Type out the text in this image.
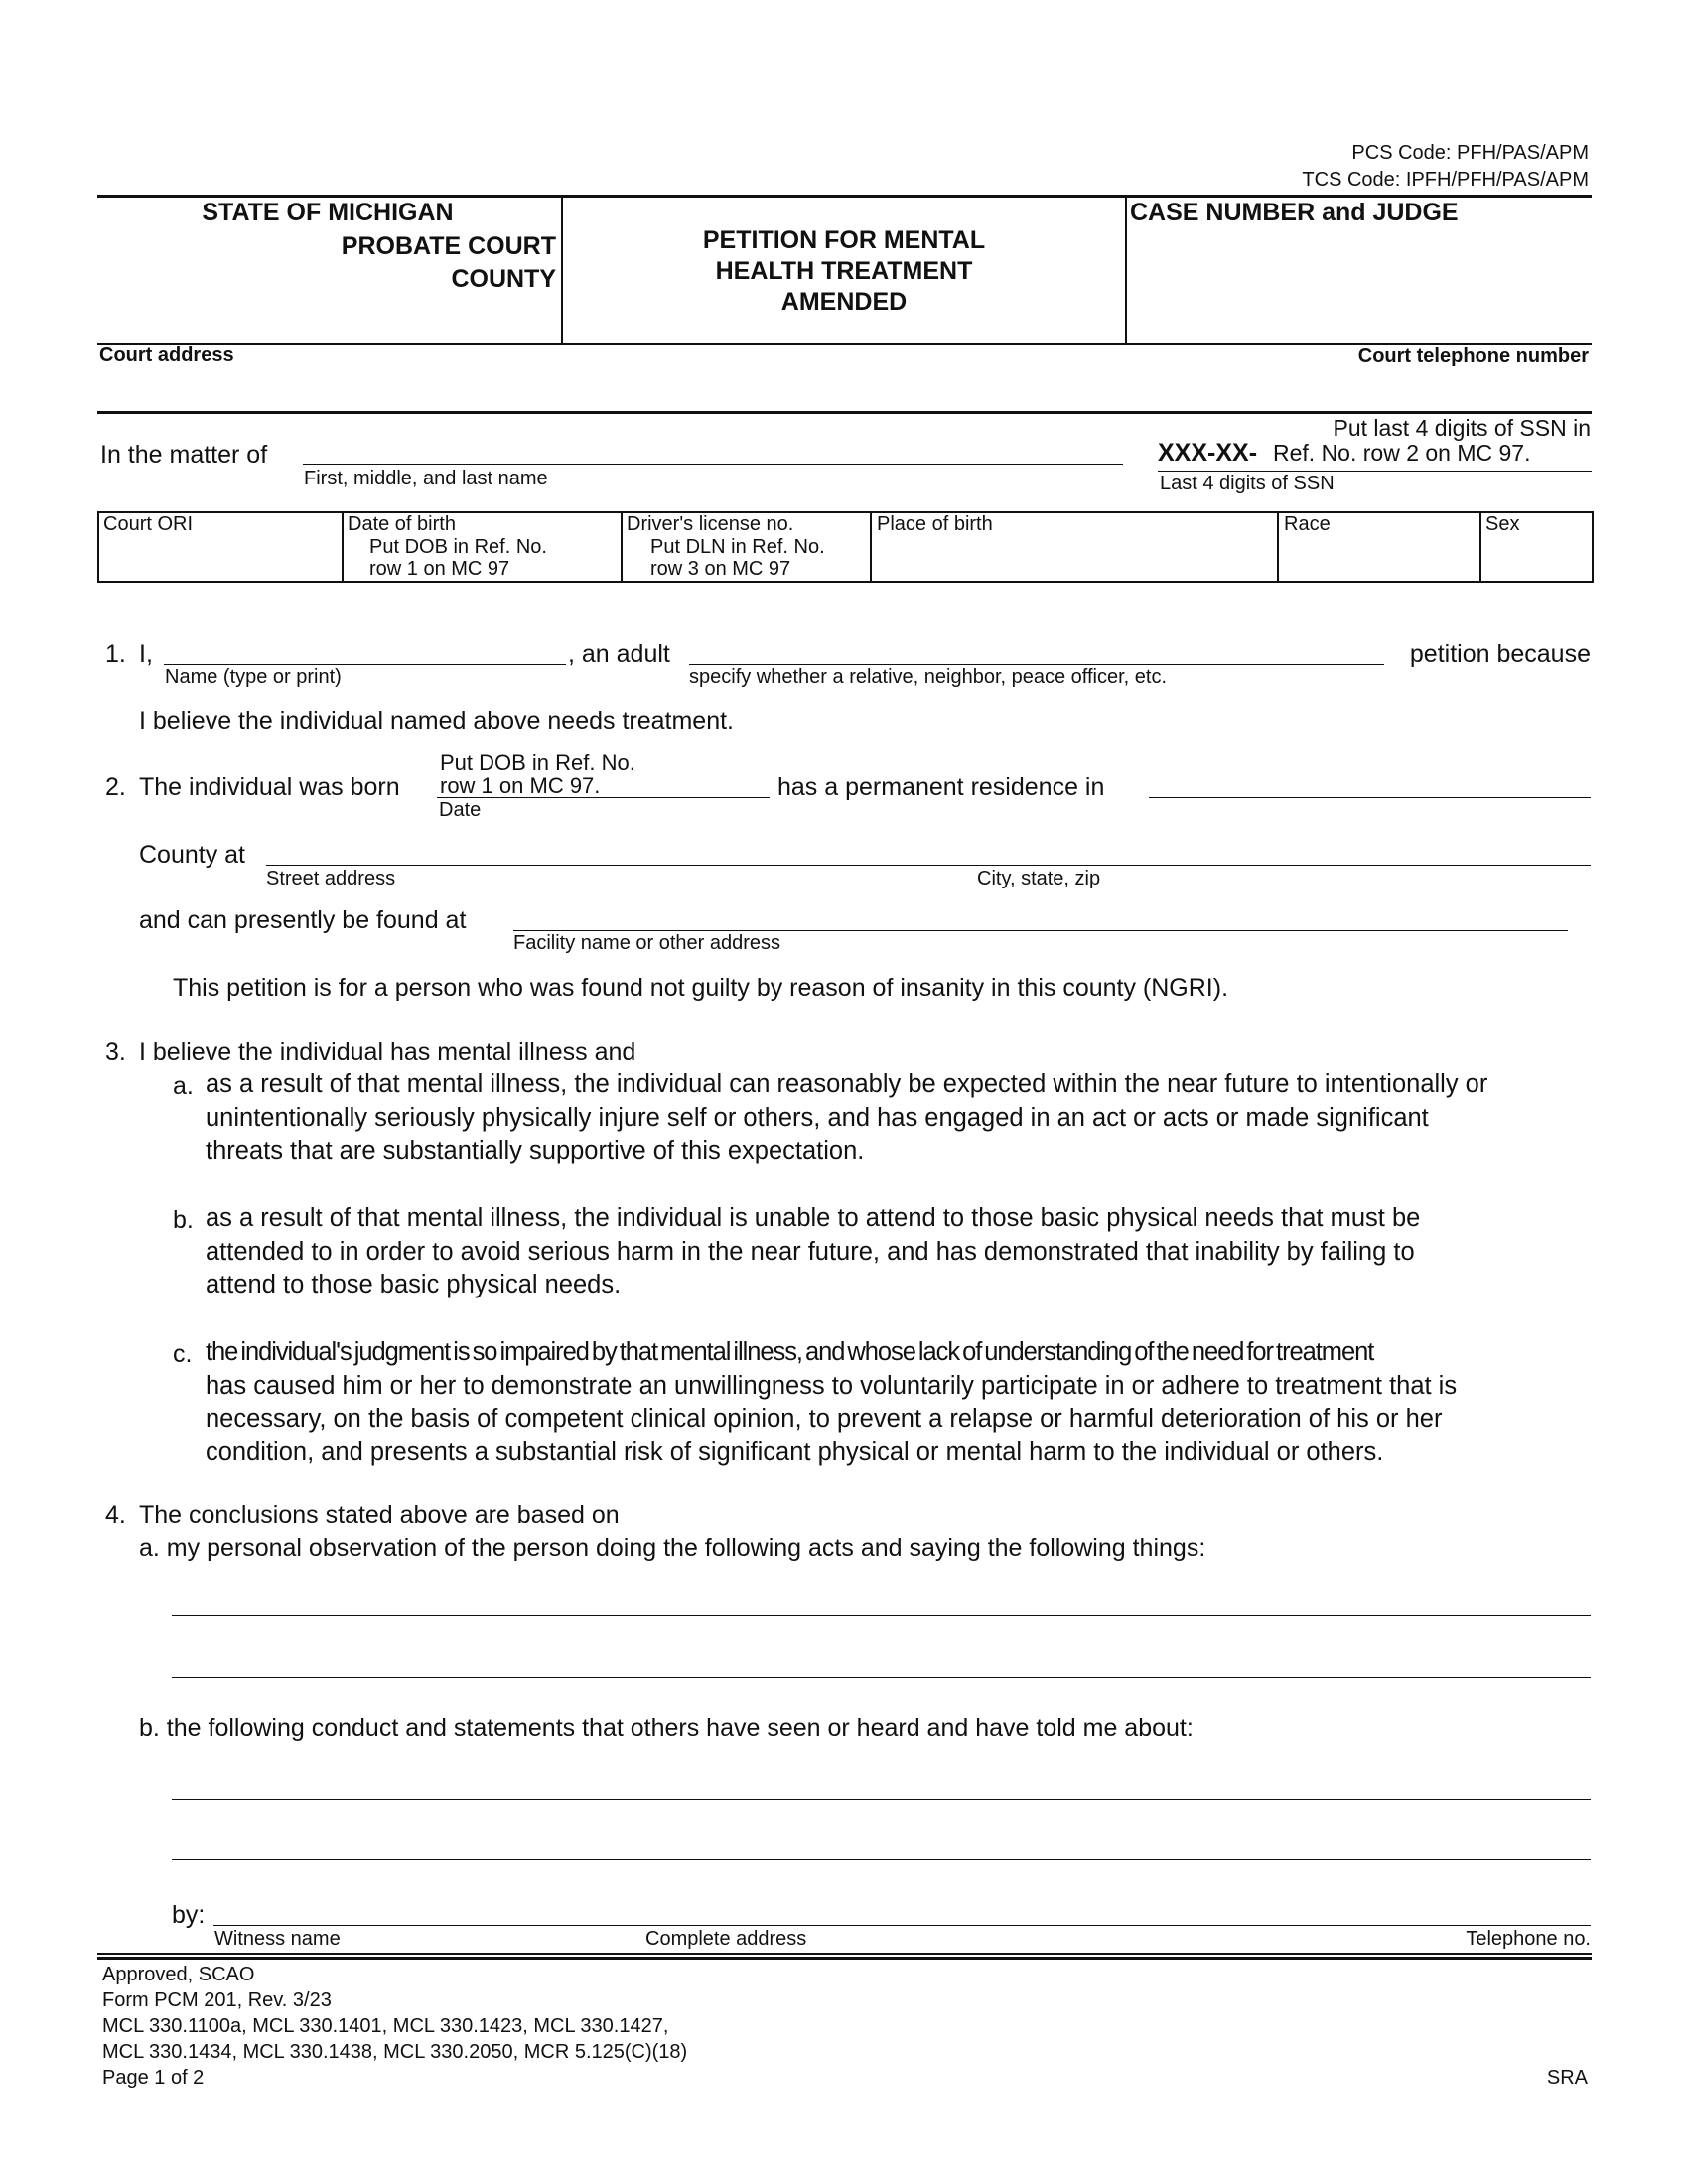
PCS Code: PFH/PAS/APM
TCS Code: IPFH/PFH/PAS/APM
STATE OF MICHIGAN
PROBATE COURT
COUNTY
PETITION FOR MENTAL
HEALTH TREATMENT
AMENDED
CASE NUMBER and JUDGE
Court address	Court telephone number
In the matter of
First, middle, and last name
XXX-XX-
Put last 4 digits of SSN in
Ref. No. row 2 on MC 97.
Last 4 digits of SSN
Court ORI	Date of birth
Put DOB in Ref. No.
row 1 on MC 97
Driver's license no.
Put DLN in Ref. No.
row 3 on MC 97
Place of birth	Race	Sex
1. I,
Name (type or print)
, an adult
specify whether a relative, neighbor, peace officer, etc.
petition because
I believe the individual named above needs treatment.
Put DOB in Ref. No.
2. The individual was born row 1 on MC 97.
Date
has a permanent residence in
County at
Street address	City, state, zip
and can presently be found at
Facility name or other address
This petition is for a person who was found not guilty by reason of insanity in this county (NGRI).
3. I believe the individual has mental illness and
a. as a result of that mental illness, the individual can reasonably be expected within the near future to intentionally or
unintentionally seriously physically injure self or others, and has engaged in an act or acts or made significant
threats that are substantially supportive of this expectation.
b. as a result of that mental illness, the individual is unable to attend to those basic physical needs that must be
attended to in order to avoid serious harm in the near future, and has demonstrated that inability by failing to
attend to those basic physical needs.
c. the individual's judgment is so impaired by that mental illness, and whose lack of understanding of the need for treatment
has caused him or her to demonstrate an unwillingness to voluntarily participate in or adhere to treatment that is
necessary, on the basis of competent clinical opinion, to prevent a relapse or harmful deterioration of his or her
condition, and presents a substantial risk of significant physical or mental harm to the individual or others.
4. The conclusions stated above are based on
a. my personal observation of the person doing the following acts and saying the following things:
b. the following conduct and statements that others have seen or heard and have told me about:
by:
Witness name	Complete address	Telephone no.
Approved, SCAO
Form PCM 201, Rev. 3/23
MCL 330.1100a, MCL 330.1401, MCL 330.1423, MCL 330.1427,
MCL 330.1434, MCL 330.1438, MCL 330.2050, MCR 5.125(C)(18)
Page 1 of 2	SRA
